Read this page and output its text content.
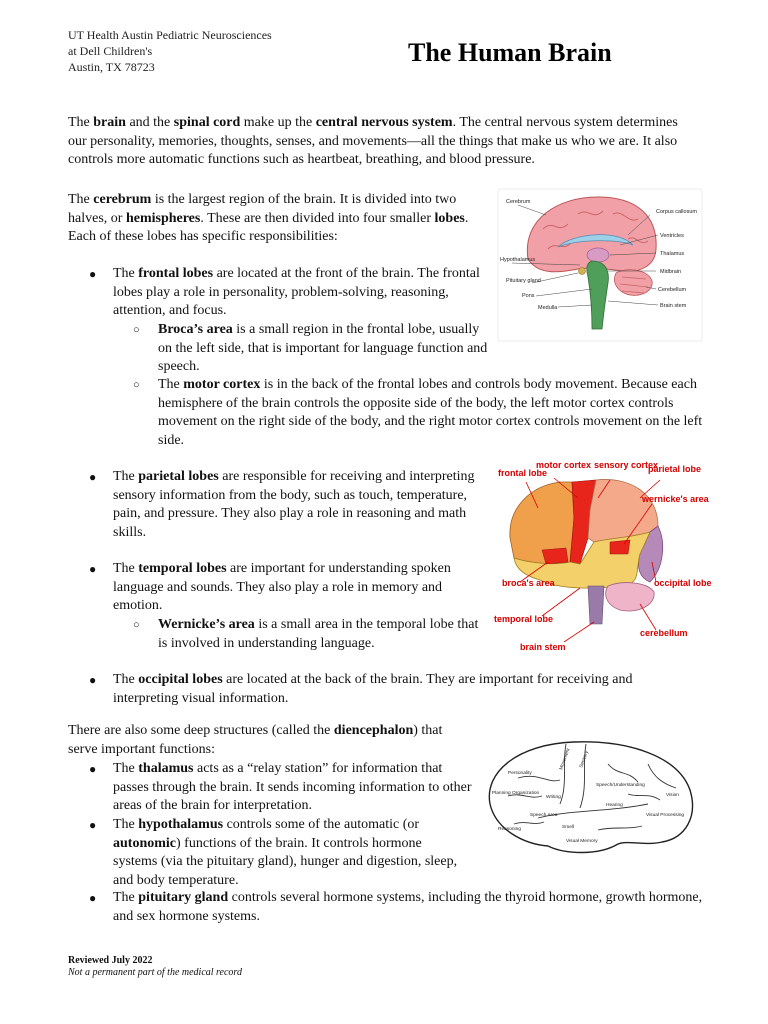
UT Health Austin Pediatric Neurosciences
at Dell Children's
Austin, TX 78723	The Human Brain

The brain and the spinal cord make up the central nervous system. The central nervous system determines our personality, memories, thoughts, senses, and movements—all the things that make us who we are. It also controls more automatic functions such as heartbeat, breathing, and blood pressure.

The cerebrum is the largest region of the brain. It is divided into two halves, or hemispheres. These are then divided into four smaller lobes. Each of these lobes has specific responsibilities:

● The frontal lobes are located at the front of the brain. The frontal lobes play a role in personality, problem-solving, reasoning, attention, and focus.
○ Broca’s area is a small region in the frontal lobe, usually on the left side, that is important for language function and speech.
○ The motor cortex is in the back of the frontal lobes and controls body movement. Because each hemisphere of the brain controls the opposite side of the body, the left motor cortex controls movement on the right side of the body, and the right motor cortex controls movement on the left side.
● The parietal lobes are responsible for receiving and interpreting sensory information from the body, such as touch, temperature, pain, and pressure. They also play a role in reasoning and math skills.
● The temporal lobes are important for understanding spoken language and sounds. They also play a role in memory and emotion.
○ Wernicke’s area is a small area in the temporal lobe that is involved in understanding language.
● The occipital lobes are located at the back of the brain. They are important for receiving and interpreting visual information.

There are also some deep structures (called the diencephalon) that serve important functions:

● The thalamus acts as a “relay station” for information that passes through the brain. It sends incoming information to other areas of the brain for interpretation.
● The hypothalamus controls some of the automatic (or autonomic) functions of the brain. It controls hormone systems (via the pituitary gland), hunger and digestion, sleep, and body temperature.
● The pituitary gland controls several hormone systems, including the thyroid hormone, growth hormone, and sex hormone systems.
Reviewed July 2022
Not a permanent part of the medical record
Cerebrum
Corpus callosum
Ventricles
Thalamus
Hypothalamus
Midbrain
Pituitary gland
Cerebellum
Pons
Medulla	Brain stem
frontal lobe
motor cortex sensory cortex
parietal lobe
wernicke's area
broca's area	occipital lobe
temporal lobe
cerebellum
brain stem
Personality
Movement Sensory
Speech/Understanding
Planning Organization
Writing
Hearing
Vision
Speech Area	Visual Processing
Reasoning	Smell
Visual Memory
